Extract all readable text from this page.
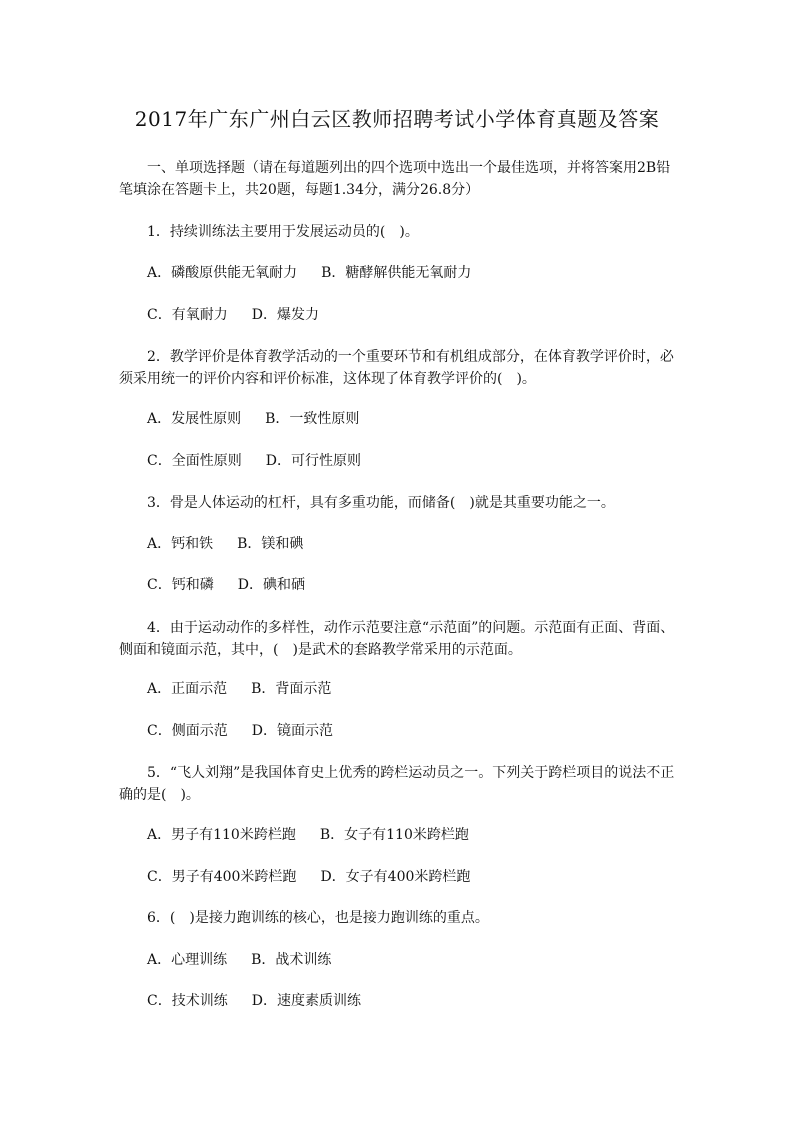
2017年广东广州白云区教师招聘考试小学体育真题及答案

一、单项选择题（请在每道题列出的四个选项中选出一个最佳选项，并将答案用2B铅笔填涂在答题卡上，共20题，每题1.34分，满分26.8分）

1．持续训练法主要用于发展运动员的(　)。

A．磷酸原供能无氧耐力 B．糖酵解供能无氧耐力
C．有氧耐力 D．爆发力

2．教学评价是体育教学活动的一个重要环节和有机组成部分，在体育教学评价时，必须采用统一的评价内容和评价标准，这体现了体育教学评价的(　)。

A．发展性原则 B．一致性原则
C．全面性原则 D．可行性原则

3．骨是人体运动的杠杆，具有多重功能，而储备(　)就是其重要功能之一。

A．钙和铁 B．镁和碘
C．钙和磷 D．碘和硒

4．由于运动动作的多样性，动作示范要注意“示范面”的问题。示范面有正面、背面、侧面和镜面示范，其中，(　)是武术的套路教学常采用的示范面。

A．正面示范 B．背面示范
C．侧面示范 D．镜面示范

5．“飞人刘翔”是我国体育史上优秀的跨栏运动员之一。下列关于跨栏项目的说法不正确的是(　)。

A．男子有110米跨栏跑 B．女子有110米跨栏跑
C．男子有400米跨栏跑 D．女子有400米跨栏跑

6．(　)是接力跑训练的核心，也是接力跑训练的重点。

A．心理训练 B．战术训练
C．技术训练 D．速度素质训练
